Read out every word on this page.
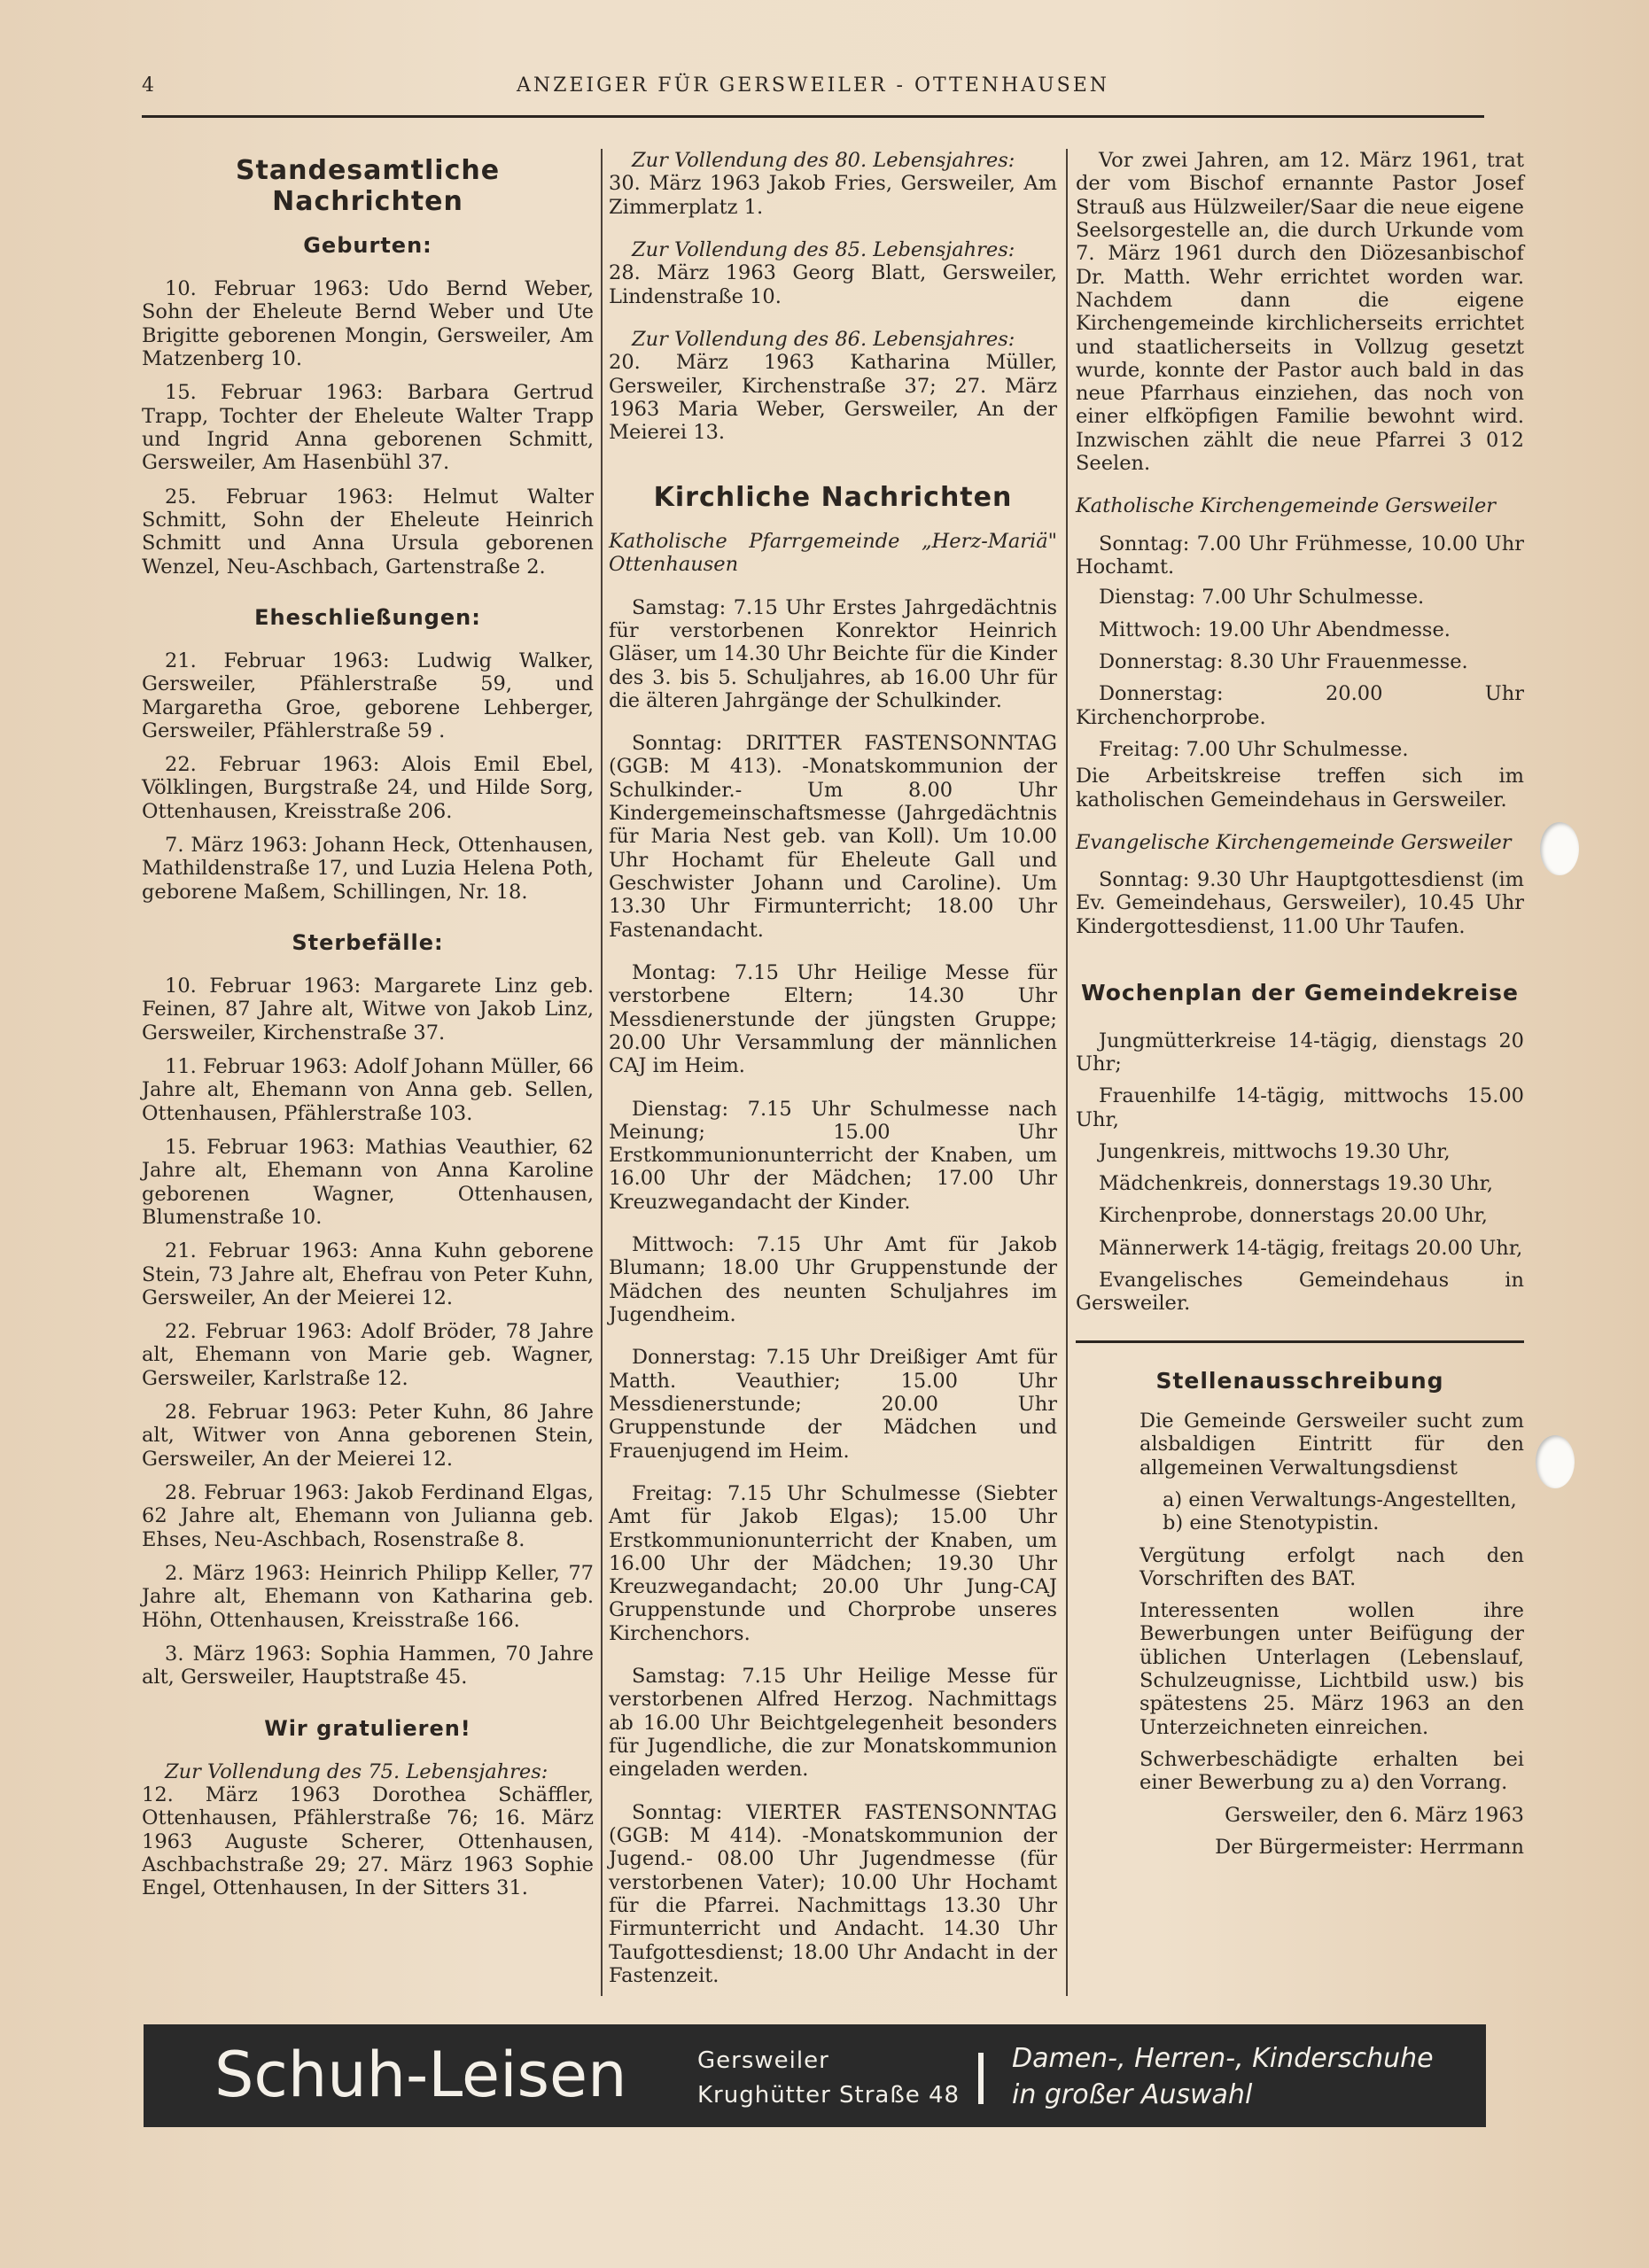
4	ANZEIGER FÜR GERSWEILER - OTTENHAUSEN
Standesamtliche Nachrichten
Geburten:

10. Februar 1963: Udo Bernd Weber, Sohn der Eheleute Bernd Weber und Ute Brigitte geborenen Mongin, Gersweiler, Am Matzenberg 10.

15. Februar 1963: Barbara Gertrud Trapp, Tochter der Eheleute Walter Trapp und Ingrid Anna geborenen Schmitt, Gersweiler, Am Hasenbühl 37.

25. Februar 1963: Helmut Walter Schmitt, Sohn der Eheleute Heinrich Schmitt und Anna Ursula geborenen Wenzel, Neu-Aschbach, Gartenstraße 2.

Eheschließungen:

21. Februar 1963: Ludwig Walker, Gersweiler, Pfählerstraße 59, und Margaretha Groe, geborene Lehberger, Gersweiler, Pfählerstraße 59 .

22. Februar 1963: Alois Emil Ebel, Völklingen, Burgstraße 24, und Hilde Sorg, Ottenhausen, Kreisstraße 206.

7. März 1963: Johann Heck, Ottenhausen, Mathildenstraße 17, und Luzia Helena Poth, geborene Maßem, Schillingen, Nr. 18.

Sterbefälle:

10. Februar 1963: Margarete Linz geb. Feinen, 87 Jahre alt, Witwe von Jakob Linz, Gersweiler, Kirchenstraße 37.

11. Februar 1963: Adolf Johann Müller, 66 Jahre alt, Ehemann von Anna geb. Sellen, Ottenhausen, Pfählerstraße 103.

15. Februar 1963: Mathias Veauthier, 62 Jahre alt, Ehemann von Anna Karoline geborenen Wagner, Ottenhausen, Blumenstraße 10.

21. Februar 1963: Anna Kuhn geborene Stein, 73 Jahre alt, Ehefrau von Peter Kuhn, Gersweiler, An der Meierei 12.

22. Februar 1963: Adolf Bröder, 78 Jahre alt, Ehemann von Marie geb. Wagner, Gersweiler, Karlstraße 12.

28. Februar 1963: Peter Kuhn, 86 Jahre alt, Witwer von Anna geborenen Stein, Gersweiler, An der Meierei 12.

28. Februar 1963: Jakob Ferdinand Elgas, 62 Jahre alt, Ehemann von Julianna geb. Ehses, Neu-Aschbach, Rosenstraße 8.

2. März 1963: Heinrich Philipp Keller, 77 Jahre alt, Ehemann von Katharina geb. Höhn, Ottenhausen, Kreisstraße 166.

3. März 1963: Sophia Hammen, 70 Jahre alt, Gersweiler, Hauptstraße 45.

Wir gratulieren!

Zur Vollendung des 75. Lebensjahres:

12. März 1963 Dorothea Schäffler, Ottenhausen, Pfählerstraße 76; 16. März 1963 Auguste Scherer, Ottenhausen, Aschbachstraße 29; 27. März 1963 Sophie Engel, Ottenhausen, In der Sitters 31.

Zur Vollendung des 80. Lebensjahres:

30. März 1963 Jakob Fries, Gersweiler, Am Zimmerplatz 1.

Zur Vollendung des 85. Lebensjahres:

28. März 1963 Georg Blatt, Gersweiler, Lindenstraße 10.

Zur Vollendung des 86. Lebensjahres:

20. März 1963 Katharina Müller, Gersweiler, Kirchenstraße 37; 27. März 1963 Maria Weber, Gersweiler, An der Meierei 13.

Kirchliche Nachrichten

Katholische Pfarrgemeinde „Herz-Mariä" Ottenhausen

Samstag: 7.15 Uhr Erstes Jahrgedächtnis für verstorbenen Konrektor Heinrich Gläser, um 14.30 Uhr Beichte für die Kinder des 3. bis 5. Schuljahres, ab 16.00 Uhr für die älteren Jahrgänge der Schulkinder.

Sonntag: DRITTER FASTENSONNTAG (GGB: M 413). -Monatskommunion der Schulkinder.- Um 8.00 Uhr Kindergemeinschaftsmesse (Jahrgedächtnis für Maria Nest geb. van Koll). Um 10.00 Uhr Hochamt für Eheleute Gall und Geschwister Johann und Caroline). Um 13.30 Uhr Firmunterricht; 18.00 Uhr Fastenandacht.

Montag: 7.15 Uhr Heilige Messe für verstorbene Eltern; 14.30 Uhr Messdienerstunde der jüngsten Gruppe; 20.00 Uhr Versammlung der männlichen CAJ im Heim.

Dienstag: 7.15 Uhr Schulmesse nach Meinung; 15.00 Uhr Erstkommunionunterricht der Knaben, um 16.00 Uhr der Mädchen; 17.00 Uhr Kreuzwegandacht der Kinder.

Mittwoch: 7.15 Uhr Amt für Jakob Blumann; 18.00 Uhr Gruppenstunde der Mädchen des neunten Schuljahres im Jugendheim.

Donnerstag: 7.15 Uhr Dreißiger Amt für Matth. Veauthier; 15.00 Uhr Messdienerstunde; 20.00 Uhr Gruppenstunde der Mädchen und Frauenjugend im Heim.

Freitag: 7.15 Uhr Schulmesse (Siebter Amt für Jakob Elgas); 15.00 Uhr Erstkommunionunterricht der Knaben, um 16.00 Uhr der Mädchen; 19.30 Uhr Kreuzwegandacht; 20.00 Uhr Jung-CAJ Gruppenstunde und Chorprobe unseres Kirchenchors.

Samstag: 7.15 Uhr Heilige Messe für verstorbenen Alfred Herzog. Nachmittags ab 16.00 Uhr Beichtgelegenheit besonders für Jugendliche, die zur Monatskommunion eingeladen werden.

Sonntag: VIERTER FASTENSONNTAG (GGB: M 414). -Monatskommunion der Jugend.- 08.00 Uhr Jugendmesse (für verstorbenen Vater); 10.00 Uhr Hochamt für die Pfarrei. Nachmittags 13.30 Uhr Firmunterricht und Andacht. 14.30 Uhr Taufgottesdienst; 18.00 Uhr Andacht in der Fastenzeit.

Vor zwei Jahren, am 12. März 1961, trat der vom Bischof ernannte Pastor Josef Strauß aus Hülzweiler/Saar die neue eigene Seelsorgestelle an, die durch Urkunde vom 7. März 1961 durch den Diözesanbischof Dr. Matth. Wehr errichtet worden war. Nachdem dann die eigene Kirchengemeinde kirchlicherseits errichtet und staatlicherseits in Vollzug gesetzt wurde, konnte der Pastor auch bald in das neue Pfarrhaus einziehen, das noch von einer elfköpfigen Familie bewohnt wird. Inzwischen zählt die neue Pfarrei 3 012 Seelen.

Katholische Kirchengemeinde Gersweiler

Sonntag: 7.00 Uhr Frühmesse, 10.00 Uhr Hochamt.

Dienstag: 7.00 Uhr Schulmesse.

Mittwoch: 19.00 Uhr Abendmesse.

Donnerstag: 8.30 Uhr Frauenmesse.

Donnerstag: 20.00 Uhr Kirchenchorprobe.

Freitag: 7.00 Uhr Schulmesse.

Die Arbeitskreise treffen sich im katholischen Gemeindehaus in Gersweiler.

Evangelische Kirchengemeinde Gersweiler

Sonntag: 9.30 Uhr Hauptgottesdienst (im Ev. Gemeindehaus, Gersweiler), 10.45 Uhr Kindergottesdienst, 11.00 Uhr Taufen.

Wochenplan der Gemeindekreise

Jungmütterkreise 14-tägig, dienstags 20 Uhr;

Frauenhilfe 14-tägig, mittwochs 15.00 Uhr,

Jungenkreis, mittwochs 19.30 Uhr,

Mädchenkreis, donnerstags 19.30 Uhr,

Kirchenprobe, donnerstags 20.00 Uhr,

Männerwerk 14-tägig, freitags 20.00 Uhr,

Evangelisches Gemeindehaus in Gersweiler.

Stellenausschreibung

Die Gemeinde Gersweiler sucht zum alsbaldigen Eintritt für den allgemeinen Verwaltungsdienst

a) einen Verwaltungs-Angestellten,

b) eine Stenotypistin.

Vergütung erfolgt nach den Vorschriften des BAT.

Interessenten wollen ihre Bewerbungen unter Beifügung der üblichen Unterlagen (Lebenslauf, Schulzeugnisse, Lichtbild usw.) bis spätestens 25. März 1963 an den Unterzeichneten einreichen.

Schwerbeschädigte erhalten bei einer Bewerbung zu a) den Vorrang.

Gersweiler, den 6. März 1963

Der Bürgermeister: Herrmann

Schuh-Leisen	Gersweiler
Krughütter Straße 48
Damen-, Herren-, Kinderschuhe
in großer Auswahl
